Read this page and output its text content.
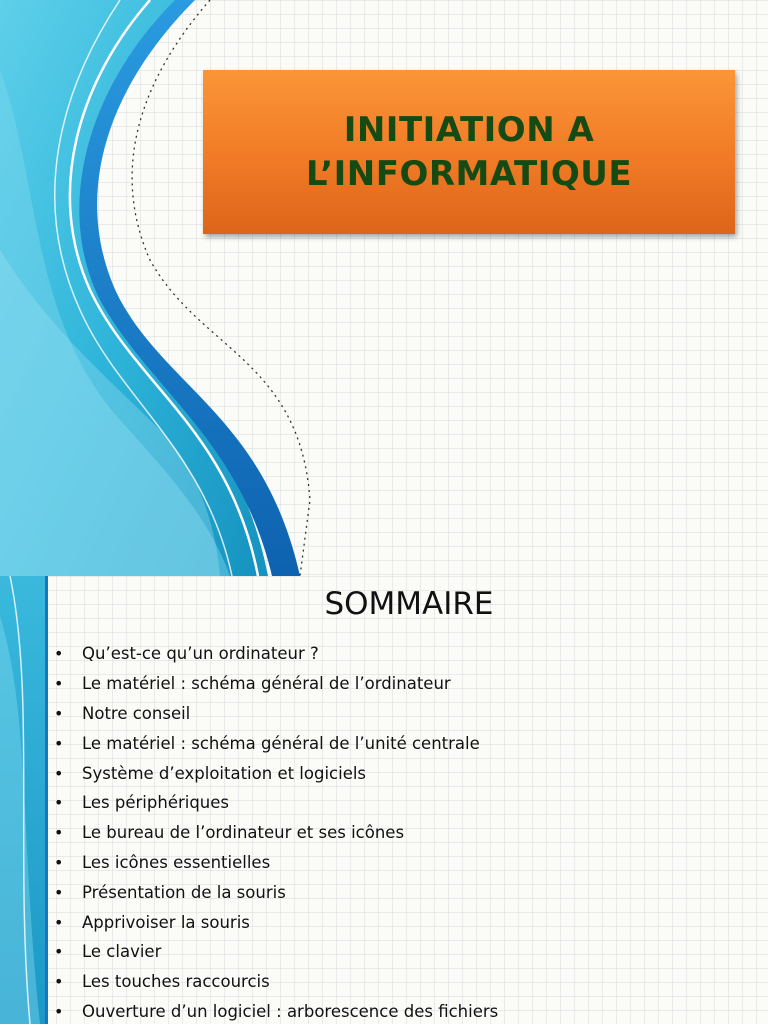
INITIATION A
L’INFORMATIQUE
SOMMAIRE
•	Qu’est-ce qu’un ordinateur ?
•	Le matériel : schéma général de l’ordinateur
•	Notre conseil
•	Le matériel : schéma général de l’unité centrale
•	Système d’exploitation et logiciels
•	Les périphériques
•	Le bureau de l’ordinateur et ses icônes
•	Les icônes essentielles
•	Présentation de la souris
•	Apprivoiser la souris
•	Le clavier
•	Les touches raccourcis
•	Ouverture d’un logiciel : arborescence des fichiers
